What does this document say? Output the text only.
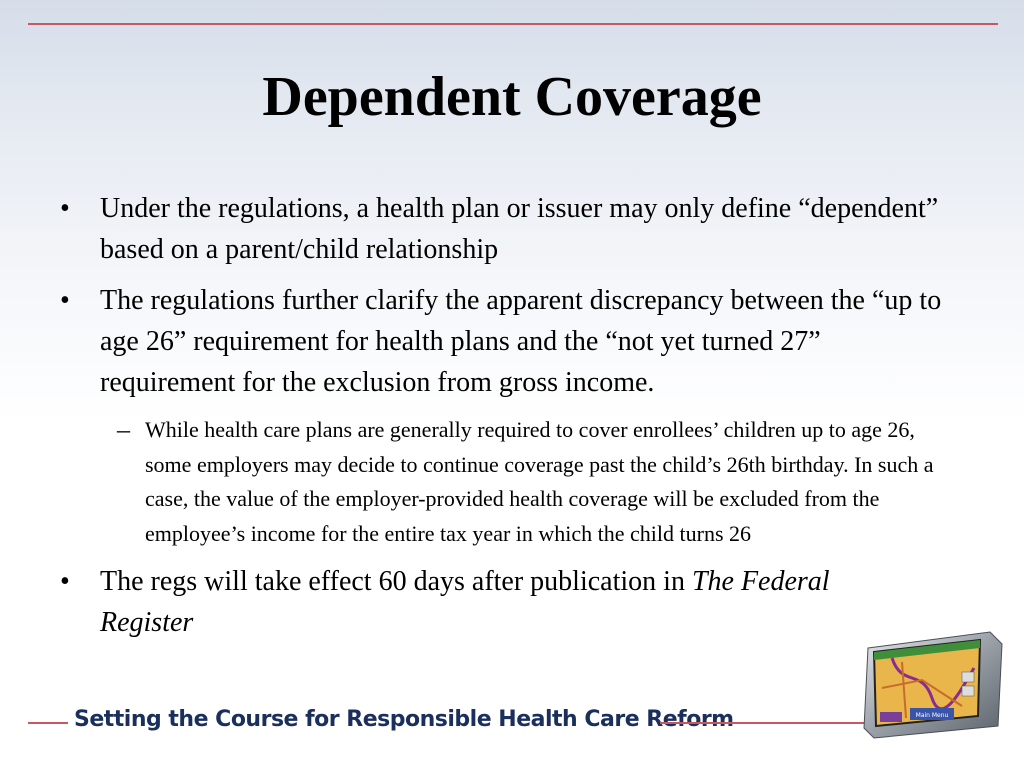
Dependent Coverage
• Under the regulations, a health plan or issuer may only define “dependent” based on a parent/child relationship
• The regulations further clarify the apparent discrepancy between the “up to age 26” requirement for health plans and the “not yet turned 27” requirement for the exclusion from gross income.
– While health care plans are generally required to cover enrollees’ children up to age 26, some employers may decide to continue coverage past the child’s 26th birthday. In such a case, the value of the employer-provided health coverage will be excluded from the employee’s income for the entire tax year in which the child turns 26
• The regs will take effect 60 days after publication in The Federal Register
Setting the Course for Responsible Health Care Reform	Main Menu
